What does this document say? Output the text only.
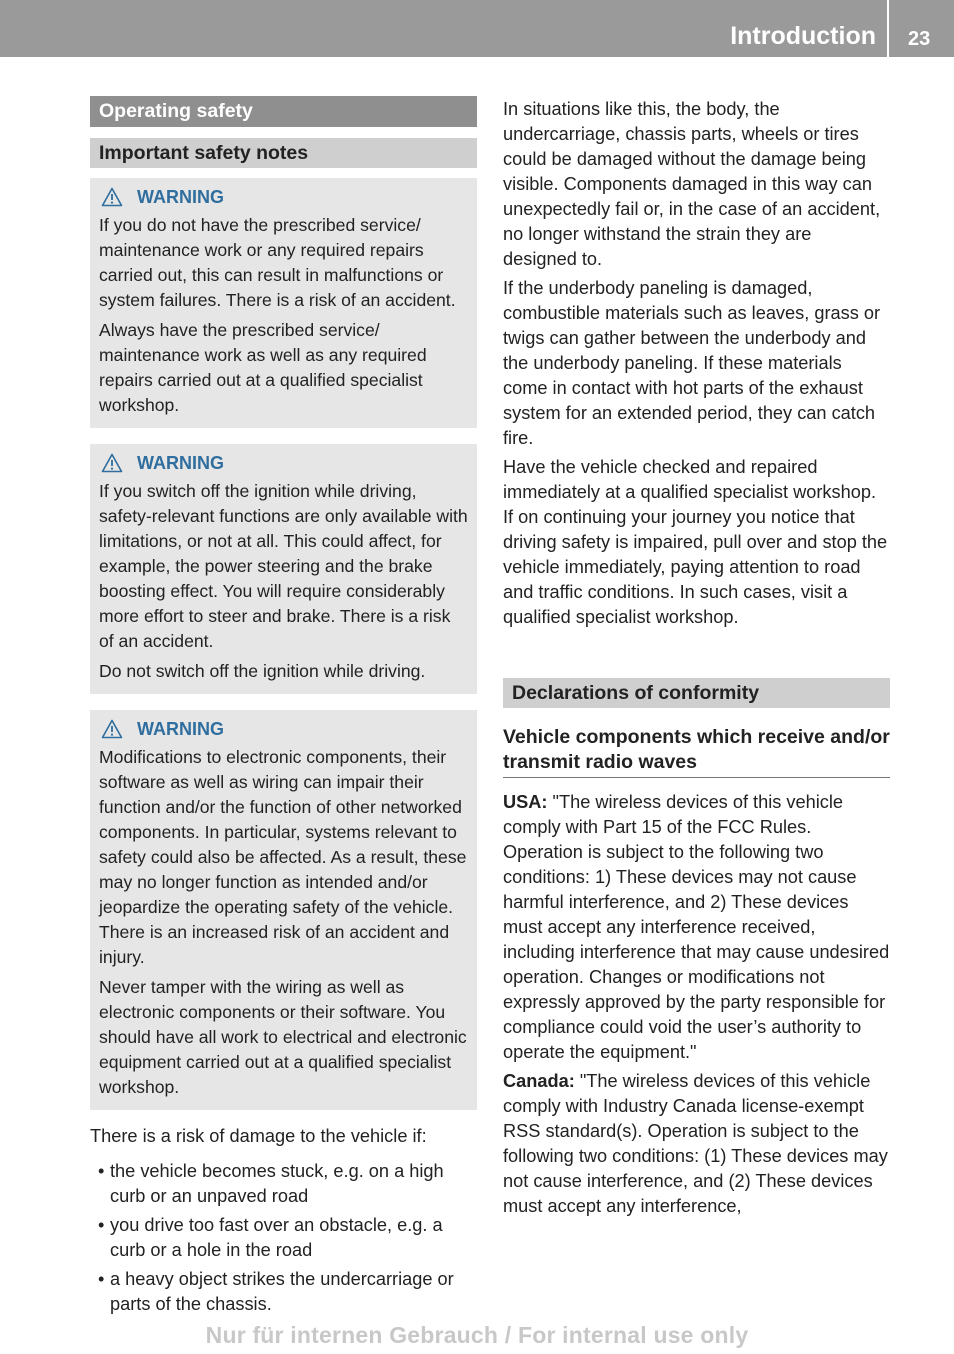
Introduction 23
Operating safety
Important safety notes
WARNING

If you do not have the prescribed service/ maintenance work or any required repairs carried out, this can result in malfunctions or system failures. There is a risk of an accident.

Always have the prescribed service/ maintenance work as well as any required repairs carried out at a qualified specialist workshop.

WARNING

If you switch off the ignition while driving, safety-relevant functions are only available with limitations, or not at all. This could affect, for example, the power steering and the brake boosting effect. You will require considerably more effort to steer and brake. There is a risk of an accident.

Do not switch off the ignition while driving.

WARNING

Modifications to electronic components, their software as well as wiring can impair their function and/or the function of other networked components. In particular, systems relevant to safety could also be affected. As a result, these may no longer function as intended and/or jeopardize the operating safety of the vehicle. There is an increased risk of an accident and injury.

Never tamper with the wiring as well as electronic components or their software. You should have all work to electrical and electronic equipment carried out at a qualified specialist workshop.

There is a risk of damage to the vehicle if:

• the vehicle becomes stuck, e.g. on a high curb or an unpaved road
• you drive too fast over an obstacle, e.g. a curb or a hole in the road
• a heavy object strikes the undercarriage or parts of the chassis.

In situations like this, the body, the undercarriage, chassis parts, wheels or tires could be damaged without the damage being visible. Components damaged in this way can unexpectedly fail or, in the case of an accident, no longer withstand the strain they are designed to.

If the underbody paneling is damaged, combustible materials such as leaves, grass or twigs can gather between the underbody and the underbody paneling. If these materials come in contact with hot parts of the exhaust system for an extended period, they can catch fire.

Have the vehicle checked and repaired immediately at a qualified specialist workshop. If on continuing your journey you notice that driving safety is impaired, pull over and stop the vehicle immediately, paying attention to road and traffic conditions. In such cases, visit a qualified specialist workshop.

Declarations of conformity
Vehicle components which receive and/or transmit radio waves

USA: "The wireless devices of this vehicle comply with Part 15 of the FCC Rules. Operation is subject to the following two conditions: 1) These devices may not cause harmful interference, and 2) These devices must accept any interference received, including interference that may cause undesired operation. Changes or modifications not expressly approved by the party responsible for compliance could void the user’s authority to operate the equipment."

Canada: "The wireless devices of this vehicle comply with Industry Canada license-exempt RSS standard(s). Operation is subject to the following two conditions: (1) These devices may not cause interference, and (2) These devices must accept any interference,

Nur für internen Gebrauch / For internal use only
